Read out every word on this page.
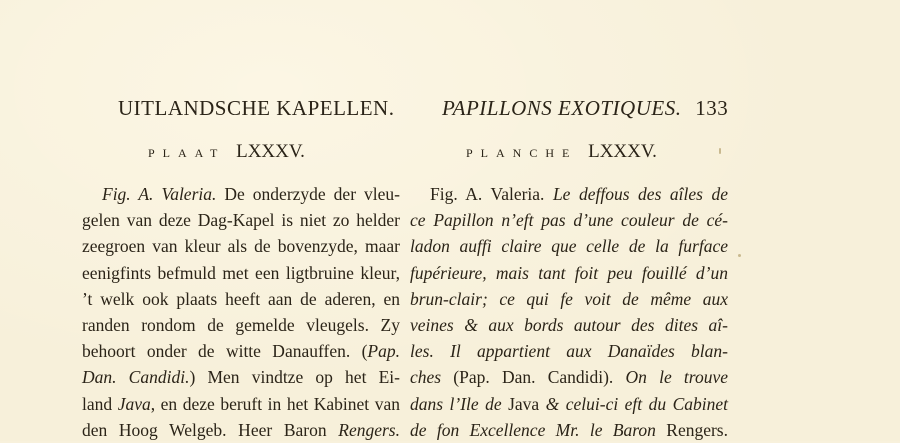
UITLANDSCHE KAPELLEN.
PLAAT LXXXV.
Fig. A. Valeria. De onderzyde der vleu-
gelen van deze Dag-Kapel is niet zo helder
zeegroen van kleur als de bovenzyde, maar
eenigfints befmuld met een ligtbruine kleur,
’t welk ook plaats heeft aan de aderen, en
randen rondom de gemelde vleugels. Zy
behoort onder de witte Danauffen. (Pap.
Dan. Candidi.) Men vindtze op het Ei-
land Java, en deze beruft in het Kabinet van
den Hoog Welgeb. Heer Baron Rengers.
PAPILLONS EXOTIQUES. 133
PLANCHE LXXXV.
Fig. A. Valeria. Le deffous des aîles de
ce Papillon n’eft pas d’une couleur de cé-
ladon auffi claire que celle de la furface
fupérieure, mais tant foit peu fouillé d’un
brun-clair; ce qui fe voit de même aux
veines & aux bords autour des dites aî-
les. Il appartient aux Danaïdes blan-
ches (Pap. Dan. Candidi). On le trouve
dans l’Ile de Java & celui-ci eft du Cabinet
de fon Excellence Mr. le Baron Rengers.
